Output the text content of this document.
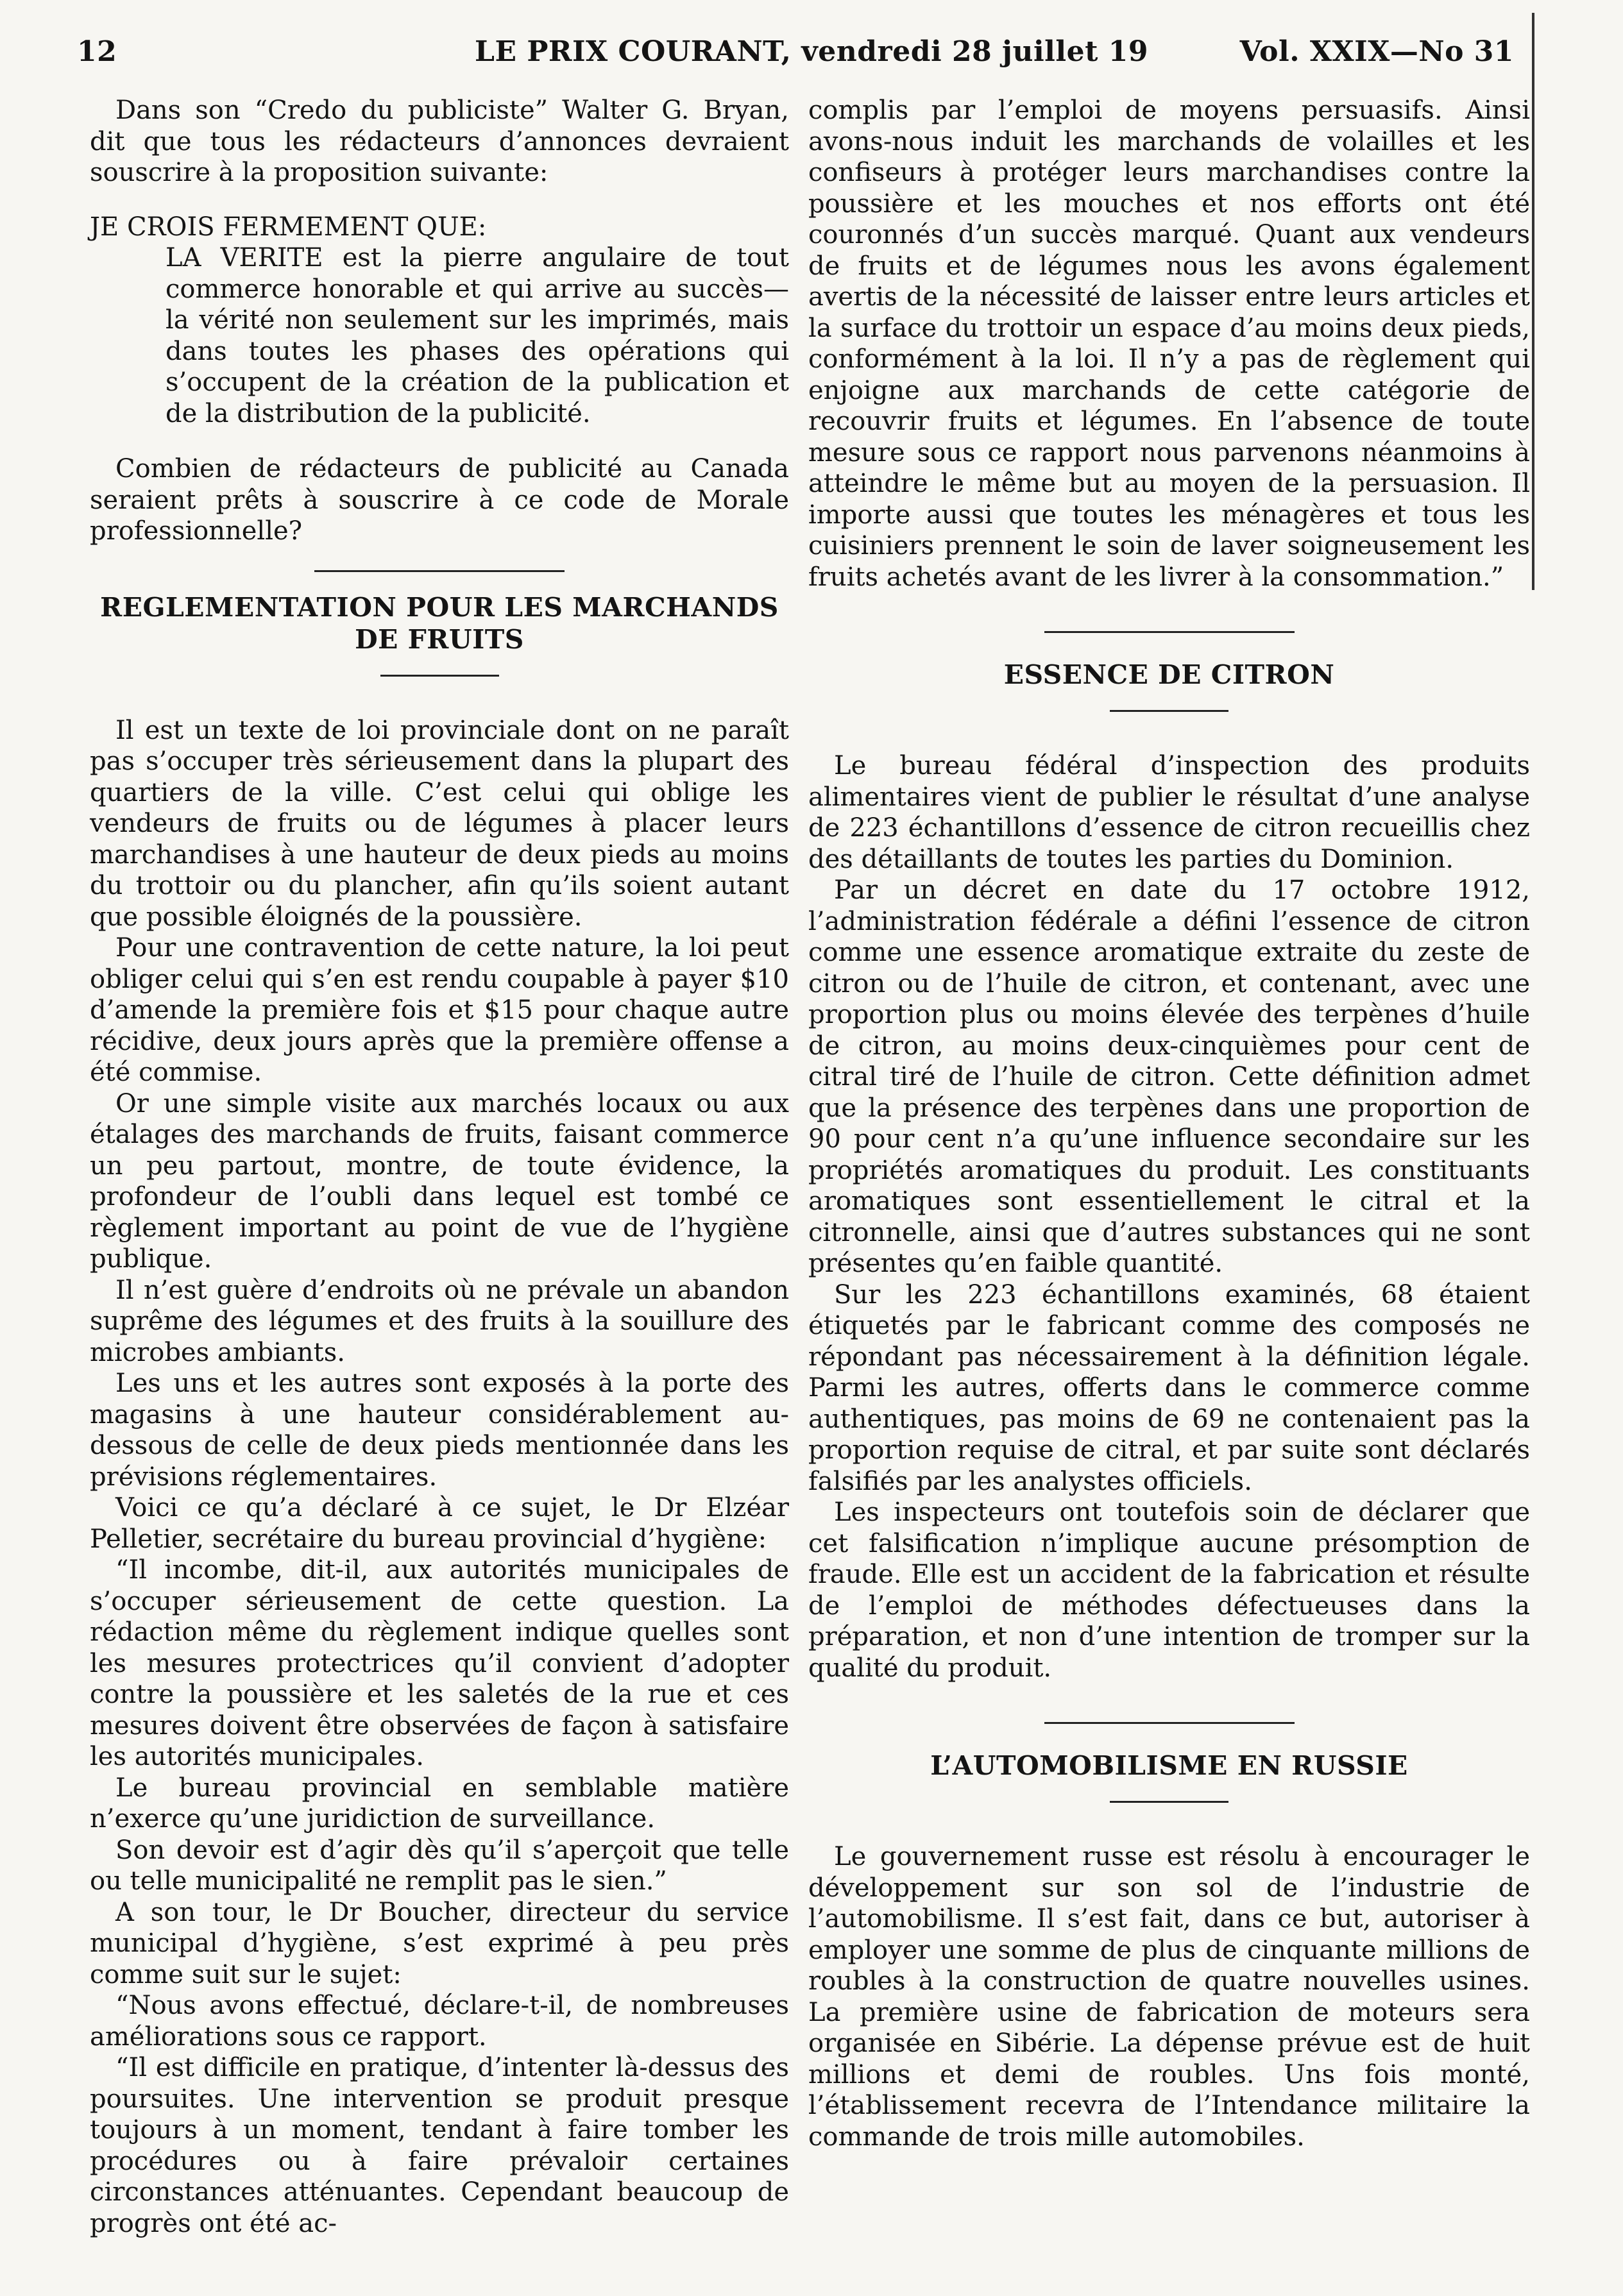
12	LE PRIX COURANT, vendredi 28 juillet 19	Vol. XXIX—No 31

Dans son “Credo du publiciste” Walter G. Bryan, dit que tous les rédacteurs d’annonces devraient souscrire à la proposition suivante:

JE CROIS FERMEMENT QUE:

LA VERITE est la pierre angulaire de tout commerce honorable et qui arrive au succès—la vérité non seulement sur les imprimés, mais dans toutes les phases des opérations qui s’occupent de la création de la publication et de la distribution de la publicité.

Combien de rédacteurs de publicité au Canada seraient prêts à souscrire à ce code de Morale professionnelle?

REGLEMENTATION POUR LES MARCHANDS DE FRUITS

Il est un texte de loi provinciale dont on ne paraît pas s’occuper très sérieusement dans la plupart des quartiers de la ville. C’est celui qui oblige les vendeurs de fruits ou de légumes à placer leurs marchandises à une hauteur de deux pieds au moins du trottoir ou du plancher, afin qu’ils soient autant que possible éloignés de la poussière.

Pour une contravention de cette nature, la loi peut obliger celui qui s’en est rendu coupable à payer $10 d’amende la première fois et $15 pour chaque autre récidive, deux jours après que la première offense a été commise.

Or une simple visite aux marchés locaux ou aux étalages des marchands de fruits, faisant commerce un peu partout, montre, de toute évidence, la profondeur de l’oubli dans lequel est tombé ce règlement important au point de vue de l’hygiène publique.

Il n’est guère d’endroits où ne prévale un abandon suprême des légumes et des fruits à la souillure des microbes ambiants.

Les uns et les autres sont exposés à la porte des magasins à une hauteur considérablement au-dessous de celle de deux pieds mentionnée dans les prévisions réglementaires.

Voici ce qu’a déclaré à ce sujet, le Dr Elzéar Pelletier, secrétaire du bureau provincial d’hygiène:

“Il incombe, dit-il, aux autorités municipales de s’occuper sérieusement de cette question. La rédaction même du règlement indique quelles sont les mesures protectrices qu’il convient d’adopter contre la poussière et les saletés de la rue et ces mesures doivent être observées de façon à satisfaire les autorités municipales.

Le bureau provincial en semblable matière n’exerce qu’une juridiction de surveillance.

Son devoir est d’agir dès qu’il s’aperçoit que telle ou telle municipalité ne remplit pas le sien.”

A son tour, le Dr Boucher, directeur du service municipal d’hygiène, s’est exprimé à peu près comme suit sur le sujet:

“Nous avons effectué, déclare-t-il, de nombreuses améliorations sous ce rapport.

“Il est difficile en pratique, d’intenter là-dessus des poursuites. Une intervention se produit presque toujours à un moment, tendant à faire tomber les procédures ou à faire prévaloir certaines circonstances atténuantes. Cependant beaucoup de progrès ont été ac-

complis par l’emploi de moyens persuasifs. Ainsi avons-nous induit les marchands de volailles et les confiseurs à protéger leurs marchandises contre la poussière et les mouches et nos efforts ont été couronnés d’un succès marqué. Quant aux vendeurs de fruits et de légumes nous les avons également avertis de la nécessité de laisser entre leurs articles et la surface du trottoir un espace d’au moins deux pieds, conformément à la loi. Il n’y a pas de règlement qui enjoigne aux marchands de cette catégorie de recouvrir fruits et légumes. En l’absence de toute mesure sous ce rapport nous parvenons néanmoins à atteindre le même but au moyen de la persuasion. Il importe aussi que toutes les ménagères et tous les cuisiniers prennent le soin de laver soigneusement les fruits achetés avant de les livrer à la consommation.”

ESSENCE DE CITRON

Le bureau fédéral d’inspection des produits alimentaires vient de publier le résultat d’une analyse de 223 échantillons d’essence de citron recueillis chez des détaillants de toutes les parties du Dominion.

Par un décret en date du 17 octobre 1912, l’administration fédérale a défini l’essence de citron comme une essence aromatique extraite du zeste de citron ou de l’huile de citron, et contenant, avec une proportion plus ou moins élevée des terpènes d’huile de citron, au moins deux-cinquièmes pour cent de citral tiré de l’huile de citron. Cette définition admet que la présence des terpènes dans une proportion de 90 pour cent n’a qu’une influence secondaire sur les propriétés aromatiques du produit. Les constituants aromatiques sont essentiellement le citral et la citronnelle, ainsi que d’autres substances qui ne sont présentes qu’en faible quantité.

Sur les 223 échantillons examinés, 68 étaient étiquetés par le fabricant comme des composés ne répondant pas nécessairement à la définition légale. Parmi les autres, offerts dans le commerce comme authentiques, pas moins de 69 ne contenaient pas la proportion requise de citral, et par suite sont déclarés falsifiés par les analystes officiels.

Les inspecteurs ont toutefois soin de déclarer que cet falsification n’implique aucune présomption de fraude. Elle est un accident de la fabrication et résulte de l’emploi de méthodes défectueuses dans la préparation, et non d’une intention de tromper sur la qualité du produit.

L’AUTOMOBILISME EN RUSSIE

Le gouvernement russe est résolu à encourager le développement sur son sol de l’industrie de l’automobilisme. Il s’est fait, dans ce but, autoriser à employer une somme de plus de cinquante millions de roubles à la construction de quatre nouvelles usines. La première usine de fabrication de moteurs sera organisée en Sibérie. La dépense prévue est de huit millions et demi de roubles. Uns fois monté, l’établissement recevra de l’Intendance militaire la commande de trois mille automobiles.
